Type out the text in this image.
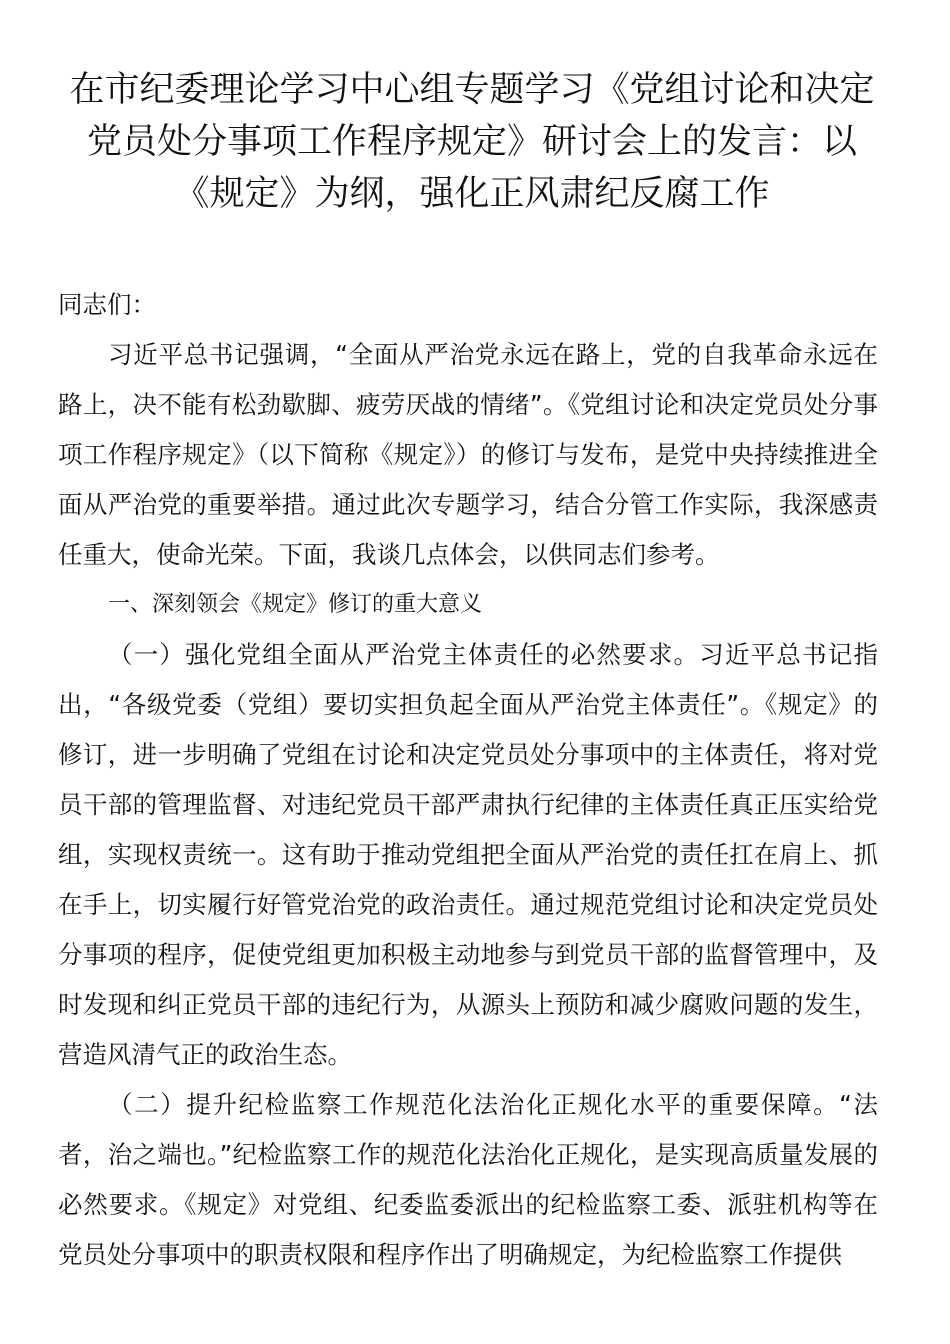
在市纪委理论学习中心组专题学习《党组讨论和决定党员处分事项工作程序规定》研讨会上的发言：以《规定》为纲，强化正风肃纪反腐工作

同志们：

习近平总书记强调，“全面从严治党永远在路上，党的自我革命永远在路上，决不能有松劲歇脚、疲劳厌战的情绪”。《党组讨论和决定党员处分事项工作程序规定》（以下简称《规定》）的修订与发布，是党中央持续推进全面从严治党的重要举措。通过此次专题学习，结合分管工作实际，我深感责任重大，使命光荣。下面，我谈几点体会，以供同志们参考。

一、深刻领会《规定》修订的重大意义

（一）强化党组全面从严治党主体责任的必然要求。习近平总书记指出，“各级党委（党组）要切实担负起全面从严治党主体责任”。《规定》的修订，进一步明确了党组在讨论和决定党员处分事项中的主体责任，将对党员干部的管理监督、对违纪党员干部严肃执行纪律的主体责任真正压实给党组，实现权责统一。这有助于推动党组把全面从严治党的责任扛在肩上、抓在手上，切实履行好管党治党的政治责任。通过规范党组讨论和决定党员处分事项的程序，促使党组更加积极主动地参与到党员干部的监督管理中，及时发现和纠正党员干部的违纪行为，从源头上预防和减少腐败问题的发生，营造风清气正的政治生态。

（二）提升纪检监察工作规范化法治化正规化水平的重要保障。“法者，治之端也。”纪检监察工作的规范化法治化正规化，是实现高质量发展的必然要求。《规定》对党组、纪委监委派出的纪检监察工委、派驻机构等在党员处分事项中的职责权限和程序作出了明确规定，为纪检监察工作提供
